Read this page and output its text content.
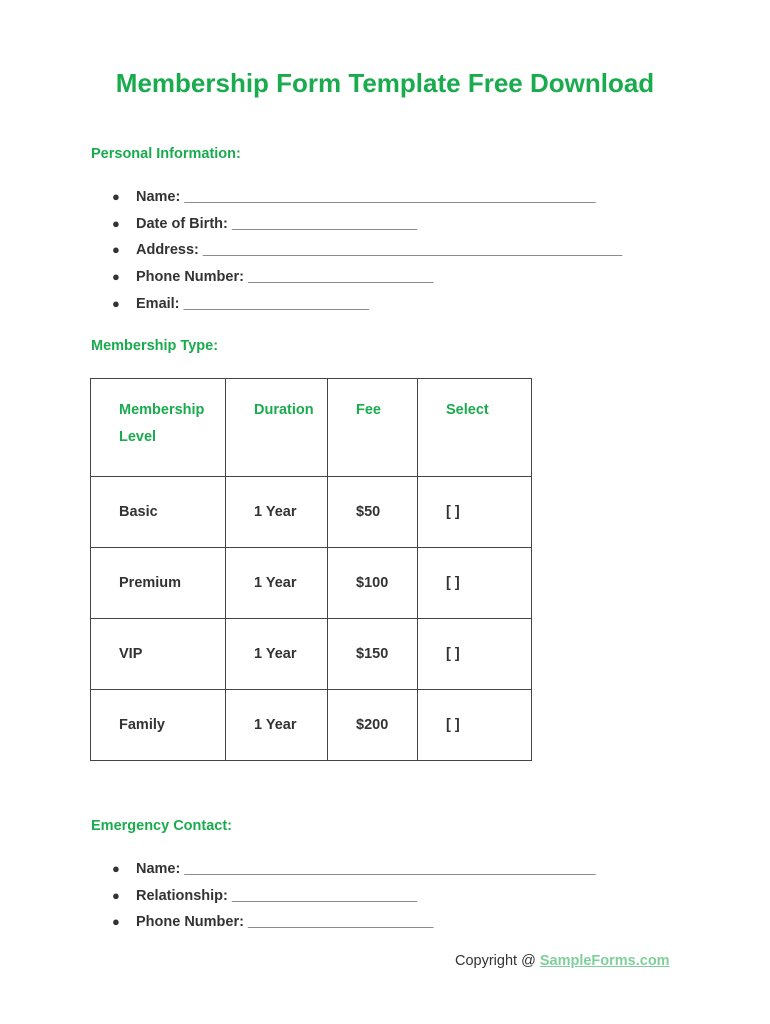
Membership Form Template Free Download
Personal Information:
● Name: ___________________________________________________
● Date of Birth: _______________________
● Address: ____________________________________________________
● Phone Number: _______________________
● Email: _______________________
Membership Type:
Membership Level	Duration	Fee	Select

Basic	1 Year	$50	[ ]

Premium	1 Year	$100	[ ]

VIP	1 Year	$150	[ ]

Family	1 Year	$200	[ ]
Emergency Contact:
● Name: ___________________________________________________
● Relationship: _______________________
● Phone Number: _______________________
Copyright @ SampleForms.com
